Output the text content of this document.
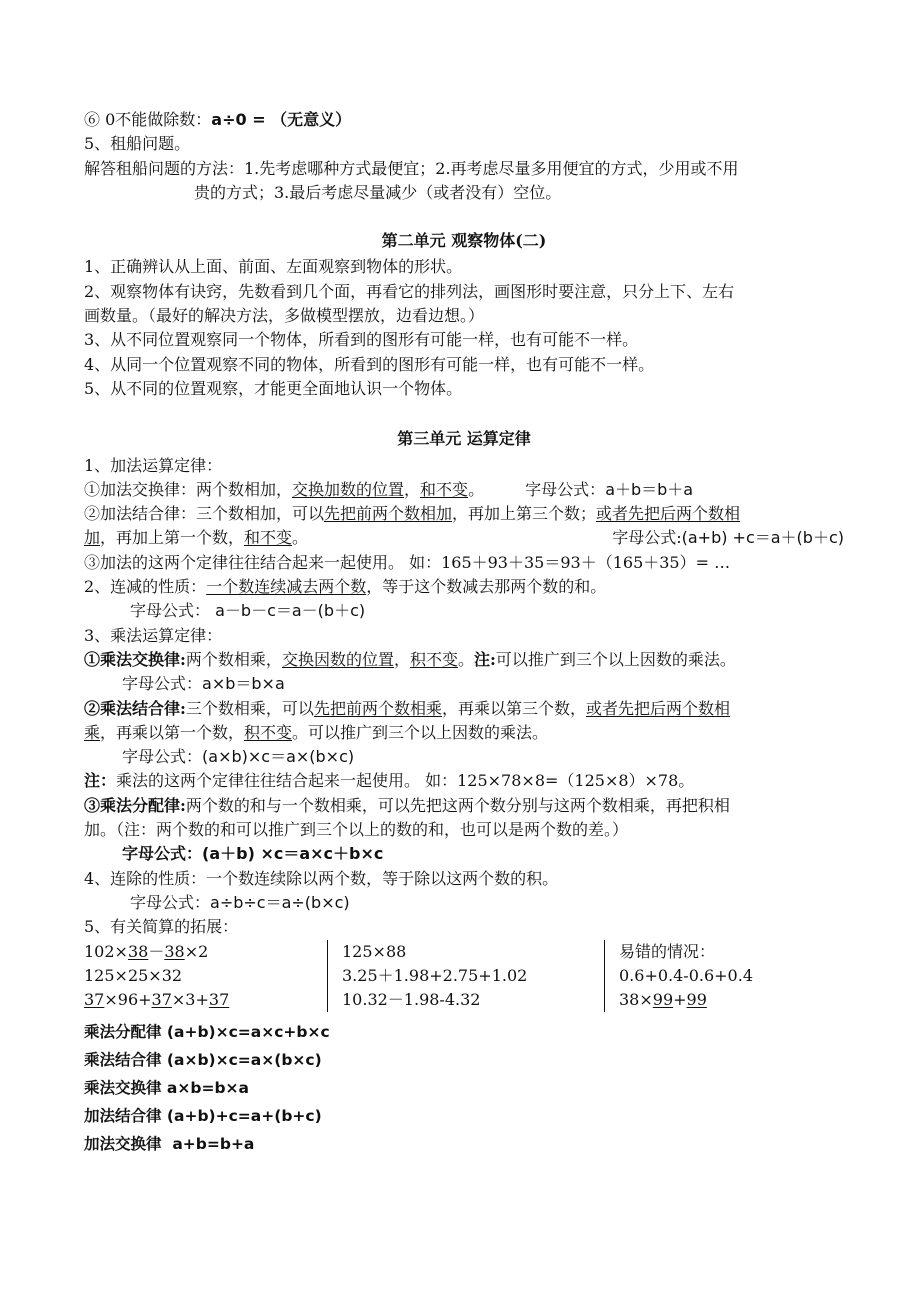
⑥ 0不能做除数：a÷0 = （无意义）
5、租船问题。
解答租船问题的方法：1.先考虑哪种方式最便宜；2.再考虑尽量多用便宜的方式，少用或不用
贵的方式；3.最后考虑尽量减少（或者没有）空位。
第二单元 观察物体(二)
1、正确辨认从上面、前面、左面观察到物体的形状。
2、观察物体有诀窍，先数看到几个面，再看它的排列法，画图形时要注意，只分上下、左右
画数量。（最好的解决方法，多做模型摆放，边看边想。）
3、从不同位置观察同一个物体，所看到的图形有可能一样，也有可能不一样。
4、从同一个位置观察不同的物体，所看到的图形有可能一样，也有可能不一样。
5、从不同的位置观察，才能更全面地认识一个物体。
第三单元 运算定律
1、加法运算定律：
①加法交换律：两个数相加，交换加数的位置，和不变。	字母公式：a＋b＝b＋a
②加法结合律：三个数相加，可以先把前两个数相加，再加上第三个数；或者先把后两个数相
加，再加上第一个数，和不变。	字母公式:(a+b) +c＝a＋(b＋c)
③加法的这两个定律往往结合起来一起使用。 如：165＋93＋35＝93＋（165＋35）= …
2、连减的性质：一个数连续减去两个数，等于这个数减去那两个数的和。
字母公式： a－b－c＝a－(b＋c)
3、乘法运算定律：
①乘法交换律:两个数相乘，交换因数的位置，积不变。注:可以推广到三个以上因数的乘法。
字母公式：a×b＝b×a
②乘法结合律:三个数相乘，可以先把前两个数相乘，再乘以第三个数，或者先把后两个数相
乘，再乘以第一个数，积不变。可以推广到三个以上因数的乘法。
字母公式：(a×b)×c＝a×(b×c)
注：乘法的这两个定律往往结合起来一起使用。 如：125×78×8=（125×8）×78。
③乘法分配律:两个数的和与一个数相乘，可以先把这两个数分别与这两个数相乘，再把积相
加。（注：两个数的和可以推广到三个以上的数的和，也可以是两个数的差。）
字母公式：(a＋b) ×c＝a×c＋b×c
4、连除的性质：一个数连续除以两个数，等于除以这两个数的积。
字母公式：a÷b÷c＝a÷(b×c)
5、有关简算的拓展：
102×38－38×2
125×25×32
37×96+37×3+37
125×88
3.25＋1.98+2.75+1.02
10.32－1.98-4.32
易错的情况：
0.6+0.4-0.6+0.4
38×99+99
乘法分配律 (a+b)×c=a×c+b×c
乘法结合律 (a×b)×c=a×(b×c)
乘法交换律 a×b=b×a
加法结合律 (a+b)+c=a+(b+c)
加法交换律  a+b=b+a
